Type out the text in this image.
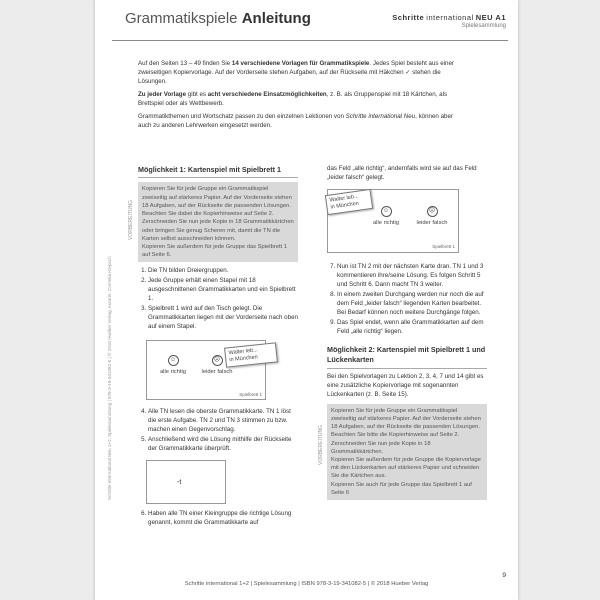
Grammatikspiele Anleitung	Schritte international NEU A1
Spielesammlung

Auf den Seiten 13 – 49 finden Sie 14 verschiedene Vorlagen für Grammatikspiele. Jedes Spiel besteht aus einer zweiseitigen Kopiervorlage. Auf der Vorderseite stehen Aufgaben, auf der Rückseite mit Häkchen ✓ stehen die Lösungen.

Zu jeder Vorlage gibt es acht verschiedene Einsatzmöglichkeiten, z. B. als Gruppenspiel mit 18 Kärtchen, als Brettspiel oder als Wettbewerb.

Grammatikthemen und Wortschatz passen zu den einzelnen Lektionen von Schritte international Neu, können aber auch zu anderen Lehrwerken eingesetzt werden.

Möglichkeit 1: Kartenspiel mit Spielbrett 1

Kopieren Sie für jede Gruppe ein Grammatikspiel zweiseitig auf stärkeres Papier. Auf der Vorderseite stehen 18 Aufgaben, auf der Rückseite die passenden Lösungen. Beachten Sie dabei die Kopierhinweise auf Seite 2.

Zerschneiden Sie nun jede Kopie in 18 Grammatikkärtchen oder bringen Sie genug Scheren mit, damit die TN die Karten selbst ausschneiden können.

Kopieren Sie außerdem für jede Gruppe das Spielbrett 1 auf Seite 6.

1. Die TN bilden Dreiergruppen.
2. Jede Gruppe erhält einen Stapel mit 18 ausgeschnittenen Grammatikkarten und ein Spielbrett 1.
3. Spielbrett 1 wird auf den Tisch gelegt. Die Grammatikkarten liegen mit der Vorderseite nach oben auf einem Stapel.
☺
alle richtig
☹
leider falsch
Walter leb...
in München
Spielbrett 1
4. Alle TN lesen die oberste Grammatikkarte. TN 1 löst die erste Aufgabe. TN 2 und TN 3 stimmen zu bzw. machen einen Gegenvorschlag.
5. Anschließend wird die Lösung mithilfe der Rückseite der Grammatikkarte überprüft.
-t
6. Haben alle TN einer Kleingruppe die richtige Lösung genannt, kommt die Grammatikkarte auf
VORBEREITUNG
das Feld „alle richtig“, andernfalls wird sie auf das Feld „leider falsch“ gelegt.
☺
alle richtig
☹
leider falsch
Walter leb...
in München
Spielbrett 1
7. Nun ist TN 2 mit der nächsten Karte dran. TN 1 und 3 kommentieren ihre/seine Lösung. Es folgen Schritt 5 und Schritt 6. Dann macht TN 3 weiter.
8. In einem zweiten Durchgang werden nur noch die auf dem Feld „leider falsch“ liegenden Karten bearbeitet. Bei Bedarf können noch weitere Durchgänge folgen.
9. Das Spiel endet, wenn alle Grammatikkarten auf dem Feld „alle richtig“ liegen.
Möglichkeit 2: Kartenspiel mit Spielbrett 1 und Lückenkarten
Bei den Spielvorlagen zu Lektion 2, 3, 4, 7 und 14 gibt es eine zusätzliche Kopiervorlage mit sogenannten Lückenkarten (z. B. Seite 15).

Kopieren Sie für jede Gruppe ein Grammatikspiel zweiseitig auf stärkeres Papier. Auf der Vorderseite stehen 18 Aufgaben, auf der Rückseite die passenden Lösungen. Beachten Sie bitte die Kopierhinweise auf Seite 2.

Zerschneiden Sie nun jede Kopie in 18 Grammatikkärtchen.

Kopieren Sie außerdem für jede Gruppe die Kopiervorlage mit den Lückenkarten auf stärkeres Papier und schneiden Sie die Kärtchen aus.

Kopieren Sie auch für jede Gruppe das Spielbrett 1 auf Seite 6

VORBEREITUNG
Schritte international Neu 1+2, Spielesammlung | 978-3-19-341082-5 | © 2018 Hueber Verlag, Autorin: Cornelia Klepsch
Schritte international 1+2 | Spielesammlung | ISBN 978-3-19-341082-5 | © 2018 Hueber Verlag
9
